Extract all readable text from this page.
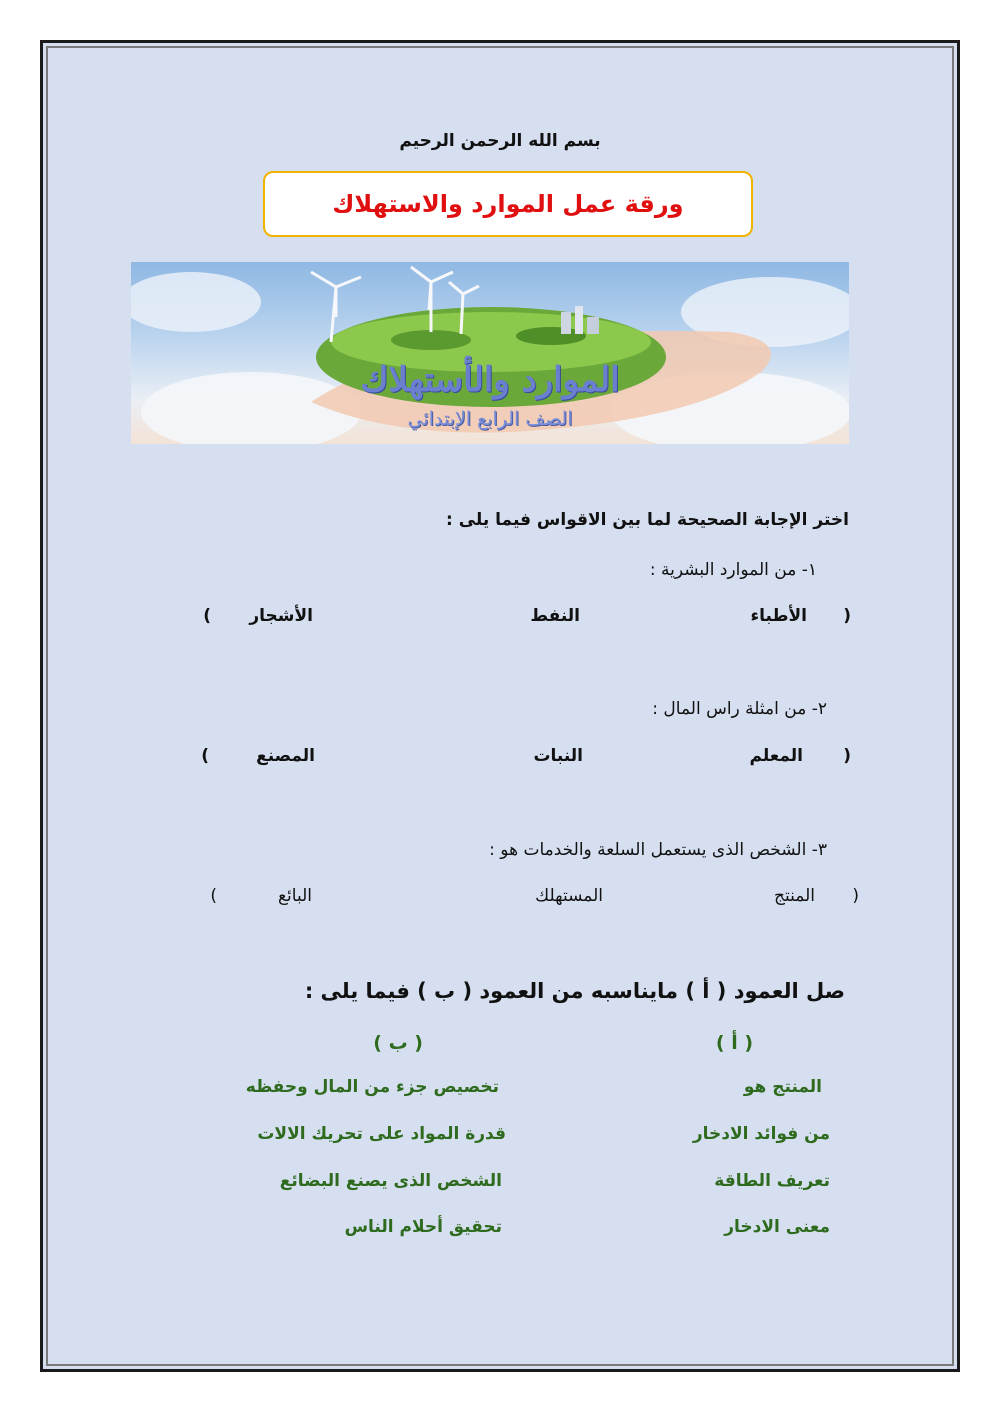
بسم الله الرحمن الرحيم
ورقة عمل الموارد والاستهلاك
الموارد والأستهلاك
الصف الرابع الإبتدائي
اختر الإجابة الصحيحة لما بين الاقواس فيما يلى :
١- من الموارد البشرية :
(
الأطباء
النفط
الأشجار
)
٢- من امثلة راس المال :
(
المعلم
النبات
المصنع
)
٣- الشخص الذى يستعمل السلعة والخدمات هو :
(
المنتج
المستهلك
البائع
)
صل العمود ( أ ) مايناسبه من العمود ( ب ) فيما يلى :
( أ )
( ب )
المنتج هو
من فوائد الادخار
تعريف الطاقة
معنى الادخار
تخصيص جزء من المال وحفظه
قدرة المواد على تحريك الالات
الشخص الذى يصنع البضائع
تحقيق أحلام الناس
